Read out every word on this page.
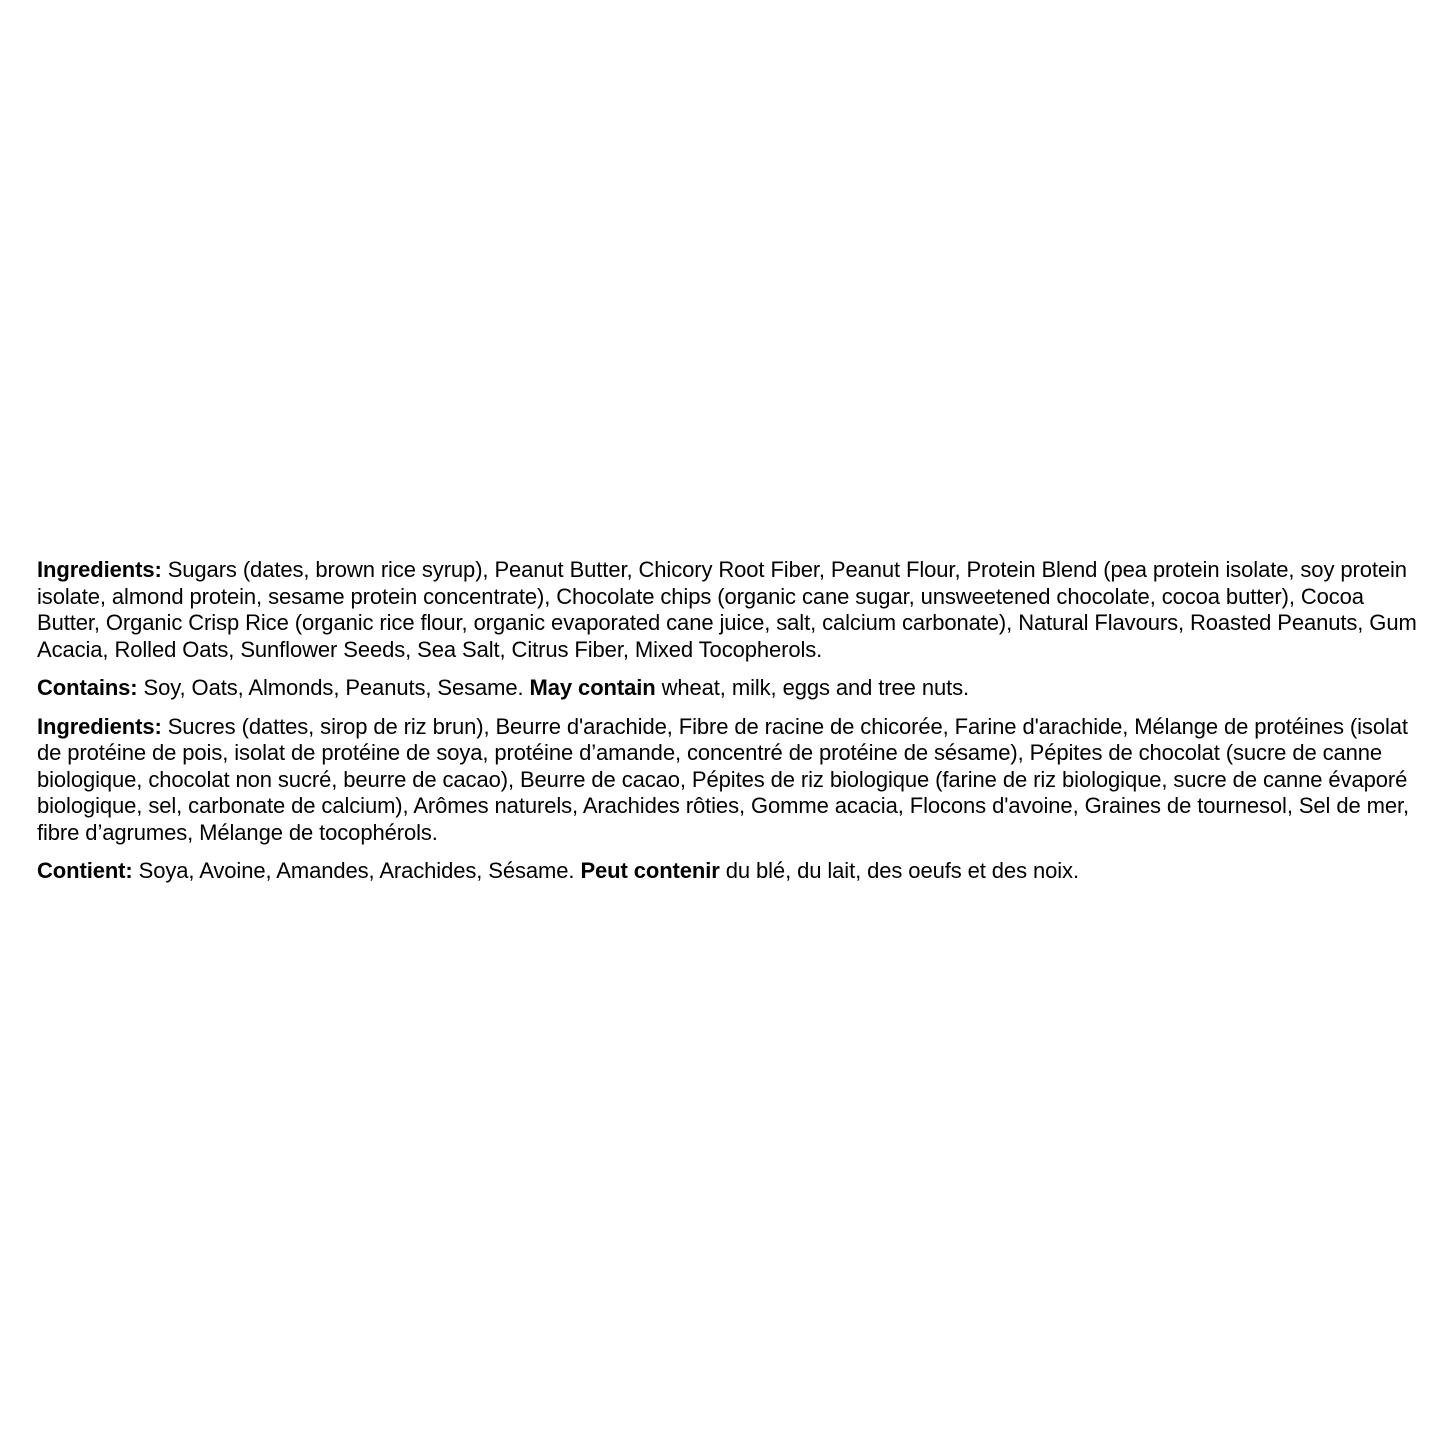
Ingredients: Sugars (dates, brown rice syrup), Peanut Butter, Chicory Root Fiber, Peanut Flour, Protein Blend (pea protein isolate, soy protein isolate, almond protein, sesame protein concentrate), Chocolate chips (organic cane sugar, unsweetened chocolate, cocoa butter), Cocoa Butter, Organic Crisp Rice (organic rice flour, organic evaporated cane juice, salt, calcium carbonate), Natural Flavours, Roasted Peanuts, Gum Acacia, Rolled Oats, Sunflower Seeds, Sea Salt, Citrus Fiber, Mixed Tocopherols.

Contains: Soy, Oats, Almonds, Peanuts, Sesame. May contain wheat, milk, eggs and tree nuts.

Ingredients: Sucres (dattes, sirop de riz brun), Beurre d'arachide, Fibre de racine de chicorée, Farine d'arachide, Mélange de protéines (isolat de protéine de pois, isolat de protéine de soya, protéine d’amande, concentré de protéine de sésame), Pépites de chocolat (sucre de canne biologique, chocolat non sucré, beurre de cacao), Beurre de cacao, Pépites de riz biologique (farine de riz biologique, sucre de canne évaporé biologique, sel, carbonate de calcium), Arômes naturels, Arachides rôties, Gomme acacia, Flocons d'avoine, Graines de tournesol, Sel de mer, fibre d’agrumes, Mélange de tocophérols.

Contient: Soya, Avoine, Amandes, Arachides, Sésame. Peut contenir du blé, du lait, des oeufs et des noix.
